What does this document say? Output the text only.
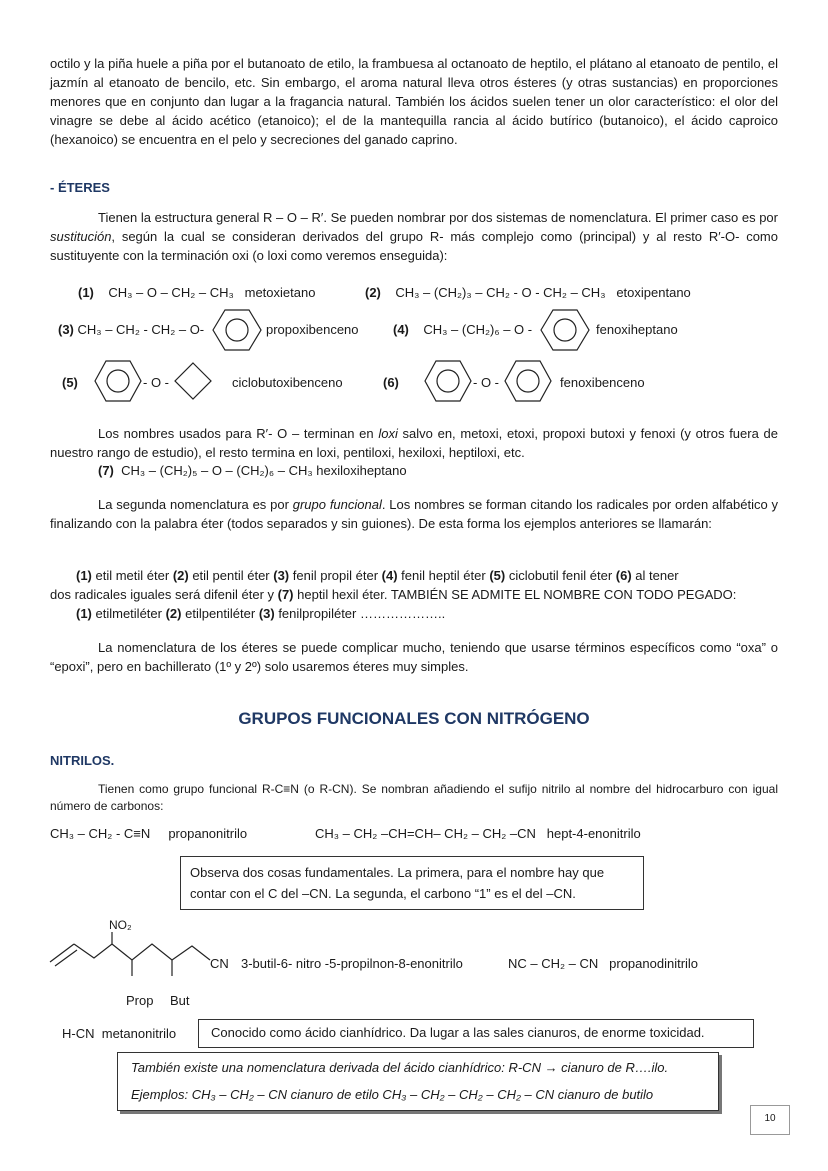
octilo y la piña huele a piña por el butanoato de etilo, la frambuesa al octanoato de heptilo, el plátano al etanoato de pentilo, el jazmín al etanoato de bencilo, etc. Sin embargo, el aroma natural lleva otros ésteres (y otras sustancias) en proporciones menores que en conjunto dan lugar a la fragancia natural. También los ácidos suelen tener un olor característico: el olor del vinagre se debe al ácido acético (etanoico); el de la mantequilla rancia al ácido butírico (butanoico), el ácido caproico (hexanoico) se encuentra en el pelo y secreciones del ganado caprino.
- ÉTERES
Tienen la estructura general R – O – R′. Se pueden nombrar por dos sistemas de nomenclatura. El primer caso es por sustitución, según la cual se consideran derivados del grupo R- más complejo como (principal) y al resto R′-O- como sustituyente con la terminación oxi (o loxi como veremos enseguida):
(1) CH₃ – O – CH₂ – CH₃ metoxietano	(2) CH₃ – (CH₂)₃ – CH₂ - O - CH₂ – CH₃ etoxipentano
(3) CH₃ – CH₂ - CH₂ – O-	propoxibenceno	(4) CH₃ – (CH₂)₆ – O -	fenoxiheptano
(5)	- O -	ciclobutoxibenceno	(6)	- O -	fenoxibenceno
Los nombres usados para R′- O – terminan en loxi salvo en, metoxi, etoxi, propoxi butoxi y fenoxi (y otros fuera de nuestro rango de estudio), el resto termina en loxi, pentiloxi, hexiloxi, heptiloxi, etc.
(7) CH₃ – (CH₂)₅ – O – (CH₂)₆ – CH₃ hexiloxiheptano
La segunda nomenclatura es por grupo funcional. Los nombres se forman citando los radicales por orden alfabético y finalizando con la palabra éter (todos separados y sin guiones). De esta forma los ejemplos anteriores se llamarán:
(1) etil metil éter (2) etil pentil éter (3) fenil propil éter (4) fenil heptil éter (5) ciclobutil fenil éter (6) al tener
dos radicales iguales será difenil éter y (7) heptil hexil éter. TAMBIÉN SE ADMITE EL NOMBRE CON TODO PEGADO:
(1) etilmetiléter (2) etilpentiléter (3) fenilpropiléter ………………..
La nomenclatura de los éteres se puede complicar mucho, teniendo que usarse términos específicos como “oxa” o “epoxi”, pero en bachillerato (1º y 2º) solo usaremos éteres muy simples.
GRUPOS FUNCIONALES CON NITRÓGENO
NITRILOS.
Tienen como grupo funcional R-C≡N (o R-CN). Se nombran añadiendo el sufijo nitrilo al nombre del hidrocarburo con igual número de carbonos:
CH₃ – CH₂ - C≡N propanonitrilo	CH₃ – CH₂ –CH=CH– CH₂ – CH₂ –CN hept-4-enonitrilo
Observa dos cosas fundamentales. La primera, para el nombre hay que contar con el C del –CN. La segunda, el carbono “1” es el del –CN.
NO₂
CN 3-butil-6- nitro -5-propilnon-8-enonitrilo	NC – CH₂ – CN propanodinitrilo
Prop But
H-CN metanonitrilo	Conocido como ácido cianhídrico. Da lugar a las sales cianuros, de enorme toxicidad.
También existe una nomenclatura derivada del ácido cianhídrico: R-CN → cianuro de R….ilo.
Ejemplos: CH₃ – CH₂ – CN cianuro de etilo CH₃ – CH₂ – CH₂ – CH₂ – CN cianuro de butilo
10
